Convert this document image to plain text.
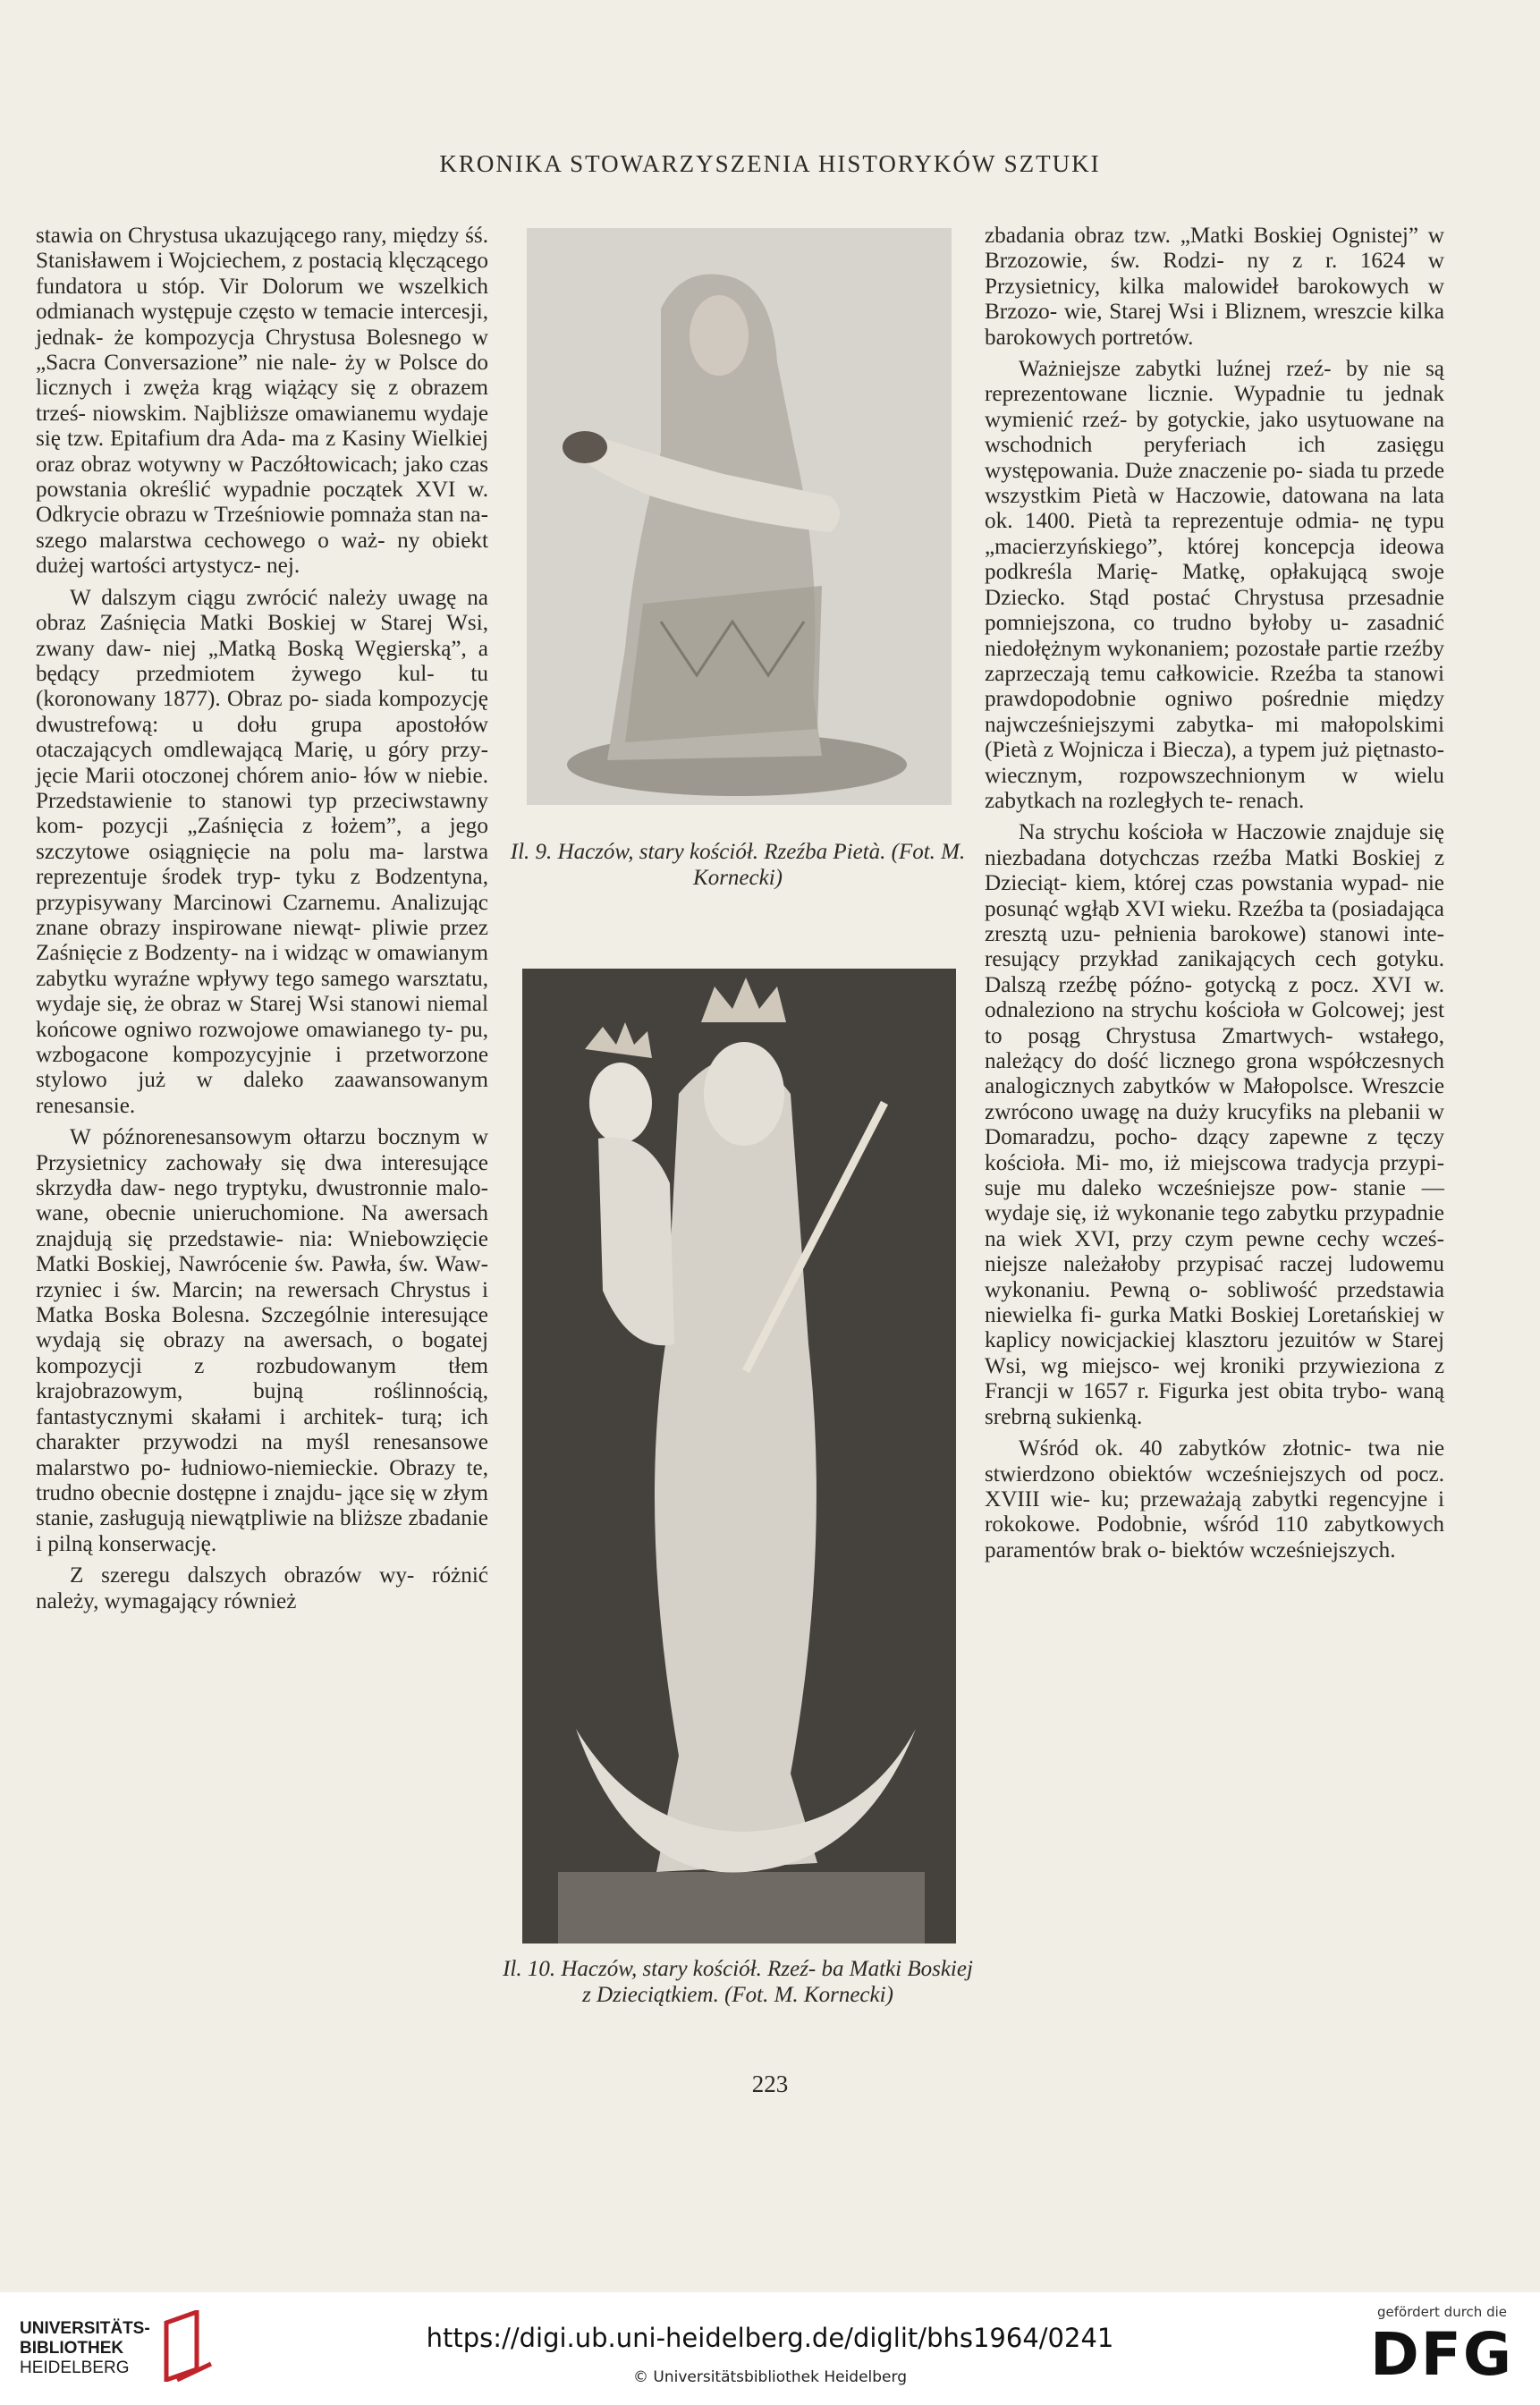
KRONIKA STOWARZYSZENIA HISTORYKÓW SZTUKI

stawia on Chrystusa ukazującego rany, między śś. Stanisławem i Wojciechem, z postacią klęczącego fundatora u stóp. Vir Dolorum we wszelkich odmianach występuje często w temacie intercesji, jednak- że kompozycja Chrystusa Bolesnego w „Sacra Conversazione” nie nale- ży w Polsce do licznych i zwęża krąg wiążący się z obrazem trześ- niowskim. Najbliższe omawianemu wydaje się tzw. Epitafium dra Ada- ma z Kasiny Wielkiej oraz obraz wotywny w Paczółtowicach; jako czas powstania określić wypadnie początek XVI w. Odkrycie obrazu w Trześniowie pomnaża stan na- szego malarstwa cechowego o waż- ny obiekt dużej wartości artystycz- nej.

W dalszym ciągu zwrócić należy uwagę na obraz Zaśnięcia Matki Boskiej w Starej Wsi, zwany daw- niej „Matką Boską Węgierską”, a będący przedmiotem żywego kul- tu (koronowany 1877). Obraz po- siada kompozycję dwustrefową: u dołu grupa apostołów otaczających omdlewającą Marię, u góry przy- jęcie Marii otoczonej chórem anio- łów w niebie. Przedstawienie to stanowi typ przeciwstawny kom- pozycji „Zaśnięcia z łożem”, a jego szczytowe osiągnięcie na polu ma- larstwa reprezentuje środek tryp- tyku z Bodzentyna, przypisywany Marcinowi Czarnemu. Analizując znane obrazy inspirowane niewąt- pliwie przez Zaśnięcie z Bodzenty- na i widząc w omawianym zabytku wyraźne wpływy tego samego warsztatu, wydaje się, że obraz w Starej Wsi stanowi niemal końcowe ogniwo rozwojowe omawianego ty- pu, wzbogacone kompozycyjnie i przetworzone stylowo już w daleko zaawansowanym renesansie.

W późnorenesansowym ołtarzu bocznym w Przysietnicy zachowały się dwa interesujące skrzydła daw- nego tryptyku, dwustronnie malo- wane, obecnie unieruchomione. Na awersach znajdują się przedstawie- nia: Wniebowzięcie Matki Boskiej, Nawrócenie św. Pawła, św. Waw- rzyniec i św. Marcin; na rewersach Chrystus i Matka Boska Bolesna. Szczególnie interesujące wydają się obrazy na awersach, o bogatej kompozycji z rozbudowanym tłem krajobrazowym, bujną roślinnością, fantastycznymi skałami i architek- turą; ich charakter przywodzi na myśl renesansowe malarstwo po- łudniowo-niemieckie. Obrazy te, trudno obecnie dostępne i znajdu- jące się w złym stanie, zasługują niewątpliwie na bliższe zbadanie i pilną konserwację.

Z szeregu dalszych obrazów wy- różnić należy, wymagający również

Il. 9. Haczów, stary kościół. Rzeźba Pietà. (Fot. M. Kornecki)
Il. 10. Haczów, stary kościół. Rzeź- ba Matki Boskiej z Dzieciątkiem. (Fot. M. Kornecki)

zbadania obraz tzw. „Matki Boskiej Ognistej” w Brzozowie, św. Rodzi- ny z r. 1624 w Przysietnicy, kilka malowideł barokowych w Brzozo- wie, Starej Wsi i Bliznem, wreszcie kilka barokowych portretów.

Ważniejsze zabytki luźnej rzeź- by nie są reprezentowane licznie. Wypadnie tu jednak wymienić rzeź- by gotyckie, jako usytuowane na wschodnich peryferiach ich zasięgu występowania. Duże znaczenie po- siada tu przede wszystkim Pietà w Haczowie, datowana na lata ok. 1400. Pietà ta reprezentuje odmia- nę typu „macierzyńskiego”, której koncepcja ideowa podkreśla Marię- Matkę, opłakującą swoje Dziecko. Stąd postać Chrystusa przesadnie pomniejszona, co trudno byłoby u- zasadnić niedołężnym wykonaniem; pozostałe partie rzeźby zaprzeczają temu całkowicie. Rzeźba ta stanowi prawdopodobnie ogniwo pośrednie między najwcześniejszymi zabytka- mi małopolskimi (Pietà z Wojnicza i Biecza), a typem już piętnasto- wiecznym, rozpowszechnionym w wielu zabytkach na rozległych te- renach.

Na strychu kościoła w Haczowie znajduje się niezbadana dotychczas rzeźba Matki Boskiej z Dzieciąt- kiem, której czas powstania wypad- nie posunąć wgłąb XVI wieku. Rzeźba ta (posiadająca zresztą uzu- pełnienia barokowe) stanowi inte- resujący przykład zanikających cech gotyku. Dalszą rzeźbę późno- gotycką z pocz. XVI w. odnaleziono na strychu kościoła w Golcowej; jest to posąg Chrystusa Zmartwych- wstałego, należący do dość licznego grona współczesnych analogicznych zabytków w Małopolsce. Wreszcie zwrócono uwagę na duży krucyfiks na plebanii w Domaradzu, pocho- dzący zapewne z tęczy kościoła. Mi- mo, iż miejscowa tradycja przypi- suje mu daleko wcześniejsze pow- stanie — wydaje się, iż wykonanie tego zabytku przypadnie na wiek XVI, przy czym pewne cechy wcześ- niejsze należałoby przypisać raczej ludowemu wykonaniu. Pewną o- sobliwość przedstawia niewielka fi- gurka Matki Boskiej Loretańskiej w kaplicy nowicjackiej klasztoru jezuitów w Starej Wsi, wg miejsco- wej kroniki przywieziona z Francji w 1657 r. Figurka jest obita trybo- waną srebrną sukienką.

Wśród ok. 40 zabytków złotnic- twa nie stwierdzono obiektów wcześniejszych od pocz. XVIII wie- ku; przeważają zabytki regencyjne i rokokowe. Podobnie, wśród 110 zabytkowych paramentów brak o- biektów wcześniejszych.

223
UNIVERSITÄTS-
BIBLIOTHEK
HEIDELBERG
https://digi.ub.uni-heidelberg.de/diglit/bhs1964/0241
© Universitätsbibliothek Heidelberg
gefördert durch die
DFG
